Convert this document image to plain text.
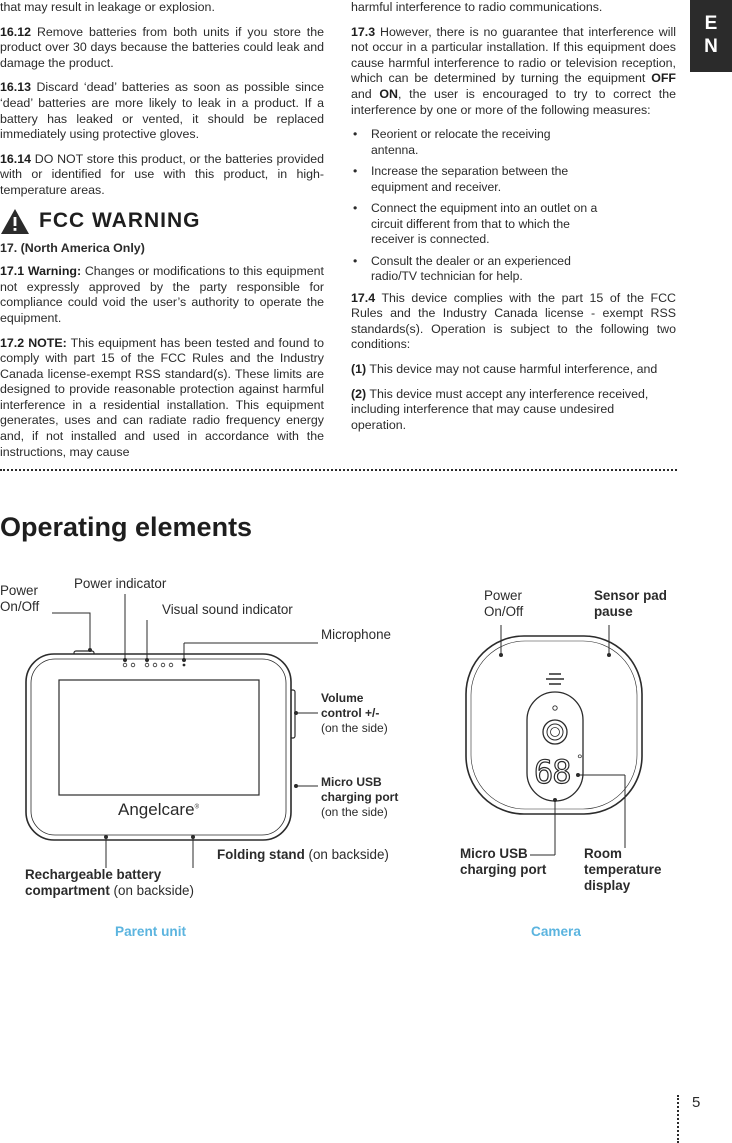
E
N

that may result in leakage or explosion.

16.12 Remove batteries from both units if you store the product over 30 days because the batteries could leak and damage the product.

16.13 Discard ‘dead’ batteries as soon as possible since ‘dead’ batteries are more likely to leak in a product. If a battery has leaked or vented, it should be replaced immediately using protective gloves.

16.14 DO NOT store this product, or the batteries provided with or identified for use with this product, in high-temperature areas.

FCC WARNING
17. (North America Only)

17.1 Warning: Changes or modifications to this equipment not expressly approved by the party responsible for compliance could void the user’s authority to operate the equipment.

17.2 NOTE: This equipment has been tested and found to comply with part 15 of the FCC Rules and the Industry Canada license-exempt RSS standard(s). These limits are designed to provide reasonable protection against harmful interference in a residential installation. This equipment generates, uses and can radiate radio frequency energy and, if not installed and used in accordance with the instructions, may cause

harmful interference to radio communications.

17.3 However, there is no guarantee that interference will not occur in a particular installation. If this equipment does cause harmful interference to radio or television reception, which can be determined by turning the equipment OFF and ON, the user is encouraged to try to correct the interference by one or more of the following measures:

• Reorient or relocate the receiving antenna.
• Increase the separation between the equipment and receiver.
• Connect the equipment into an outlet on a circuit different from that to which the receiver is connected.
• Consult the dealer or an experienced radio/TV technician for help.

17.4 This device complies with the part 15 of the FCC Rules and the Industry Canada license - exempt RSS standards(s). Operation is subject to the following two conditions:

(1) This device may not cause harmful interference, and

(2) This device must accept any interference received, including interference that may cause undesired operation.

Operating elements
68 °
Angelcare®
Power
On/Off
Power indicator
Visual sound indicator
Microphone
Volume
control +/-
(on the side)
Micro USB
charging port
(on the side)
Folding stand (on backside)
Rechargeable battery
compartment (on backside)
Power
On/Off
Sensor pad
pause
Micro USB
charging port
Room
temperature
display
Parent unit	Camera
5
